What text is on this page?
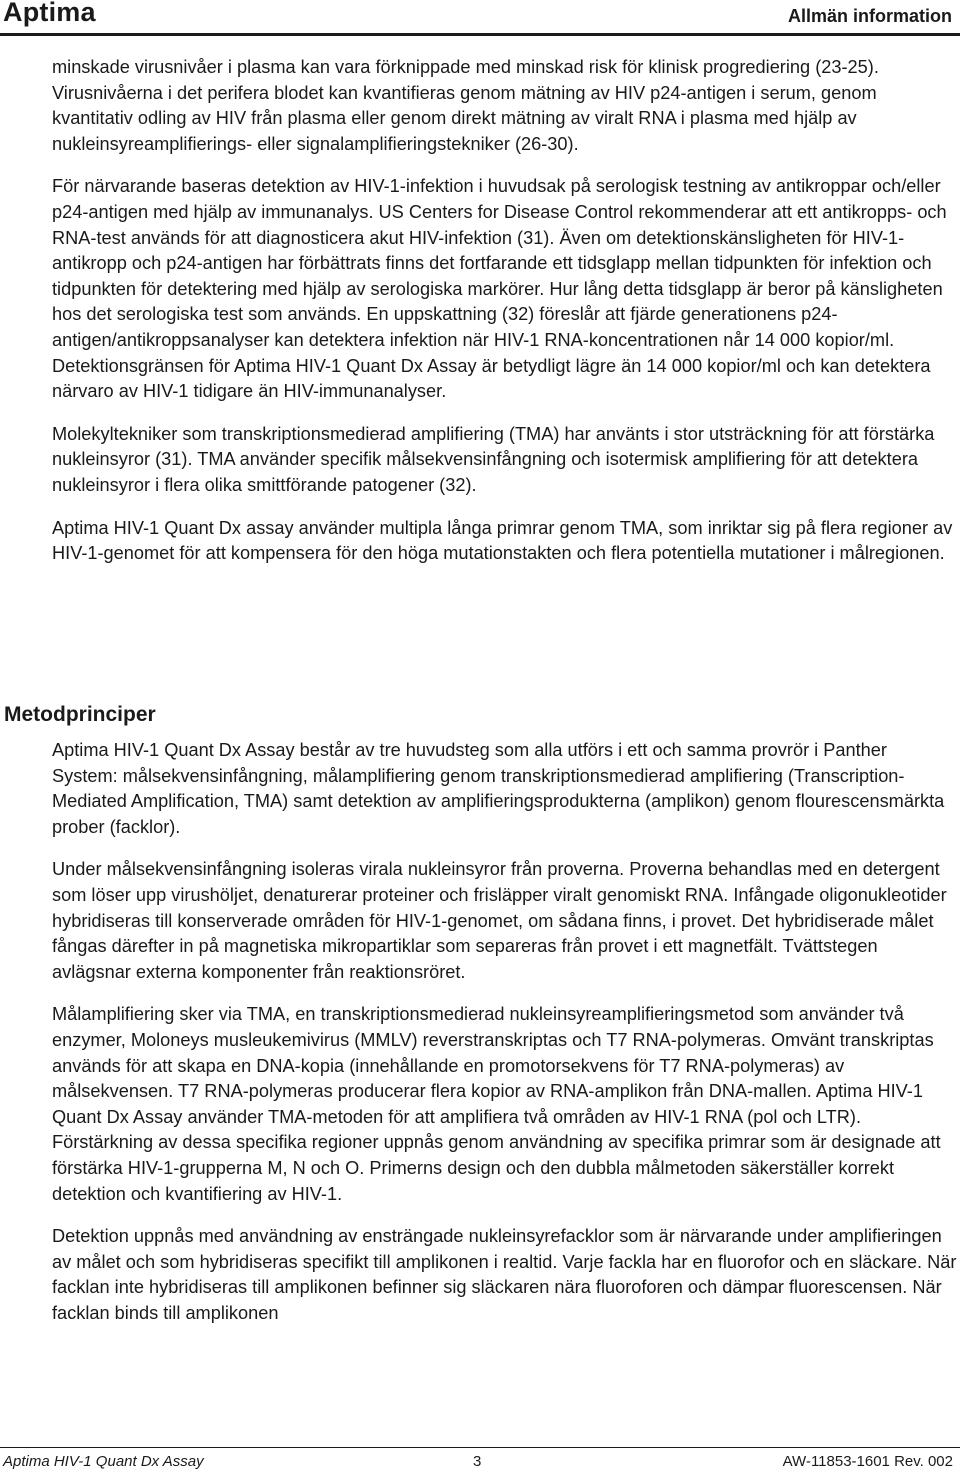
Aptima	Allmän information

minskade virusnivåer i plasma kan vara förknippade med minskad risk för klinisk progrediering (23-25). Virusnivåerna i det perifera blodet kan kvantifieras genom mätning av HIV p24-antigen i serum, genom kvantitativ odling av HIV från plasma eller genom direkt mätning av viralt RNA i plasma med hjälp av nukleinsyreamplifierings- eller signalamplifieringstekniker (26-30).

För närvarande baseras detektion av HIV-1-infektion i huvudsak på serologisk testning av antikroppar och/eller p24-antigen med hjälp av immunanalys. US Centers for Disease Control rekommenderar att ett antikropps- och RNA-test används för att diagnosticera akut HIV-infektion (31). Även om detektionskänsligheten för HIV-1-antikropp och p24-antigen har förbättrats finns det fortfarande ett tidsglapp mellan tidpunkten för infektion och tidpunkten för detektering med hjälp av serologiska markörer. Hur lång detta tidsglapp är beror på känsligheten hos det serologiska test som används. En uppskattning (32) föreslår att fjärde generationens p24-antigen/antikroppsanalyser kan detektera infektion när HIV-1 RNA-koncentrationen når 14 000 kopior/ml. Detektionsgränsen för Aptima HIV-1 Quant Dx Assay är betydligt lägre än 14 000 kopior/ml och kan detektera närvaro av HIV-1 tidigare än HIV-immunanalyser.

Molekyltekniker som transkriptionsmedierad amplifiering (TMA) har använts i stor utsträckning för att förstärka nukleinsyror (31). TMA använder specifik målsekvensinfångning och isotermisk amplifiering för att detektera nukleinsyror i flera olika smittförande patogener (32).

Aptima HIV-1 Quant Dx assay använder multipla långa primrar genom TMA, som inriktar sig på flera regioner av HIV-1-genomet för att kompensera för den höga mutationstakten och flera potentiella mutationer i målregionen.

Metodprinciper

Aptima HIV-1 Quant Dx Assay består av tre huvudsteg som alla utförs i ett och samma provrör i Panther System: målsekvensinfångning, målamplifiering genom transkriptionsmedierad amplifiering (Transcription-Mediated Amplification, TMA) samt detektion av amplifieringsprodukterna (amplikon) genom flourescensmärkta prober (facklor).

Under målsekvensinfångning isoleras virala nukleinsyror från proverna. Proverna behandlas med en detergent som löser upp virushöljet, denaturerar proteiner och frisläpper viralt genomiskt RNA. Infångade oligonukleotider hybridiseras till konserverade områden för HIV-1-genomet, om sådana finns, i provet. Det hybridiserade målet fångas därefter in på magnetiska mikropartiklar som separeras från provet i ett magnetfält. Tvättstegen avlägsnar externa komponenter från reaktionsröret.

Målamplifiering sker via TMA, en transkriptionsmedierad nukleinsyreamplifieringsmetod som använder två enzymer, Moloneys musleukemivirus (MMLV) reverstranskriptas och T7 RNA-polymeras. Omvänt transkriptas används för att skapa en DNA-kopia (innehållande en promotorsekvens för T7 RNA-polymeras) av målsekvensen. T7 RNA-polymeras producerar flera kopior av RNA-amplikon från DNA-mallen. Aptima HIV-1 Quant Dx Assay använder TMA-metoden för att amplifiera två områden av HIV-1 RNA (pol och LTR). Förstärkning av dessa specifika regioner uppnås genom användning av specifika primrar som är designade att förstärka HIV-1-grupperna M, N och O. Primerns design och den dubbla målmetoden säkerställer korrekt detektion och kvantifiering av HIV-1.

Detektion uppnås med användning av ensträngade nukleinsyrefacklor som är närvarande under amplifieringen av målet och som hybridiseras specifikt till amplikonen i realtid. Varje fackla har en fluorofor och en släckare. När facklan inte hybridiseras till amplikonen befinner sig släckaren nära fluoroforen och dämpar fluorescensen. När facklan binds till amplikonen

Aptima HIV-1 Quant Dx Assay	3	AW-11853-1601 Rev. 002
